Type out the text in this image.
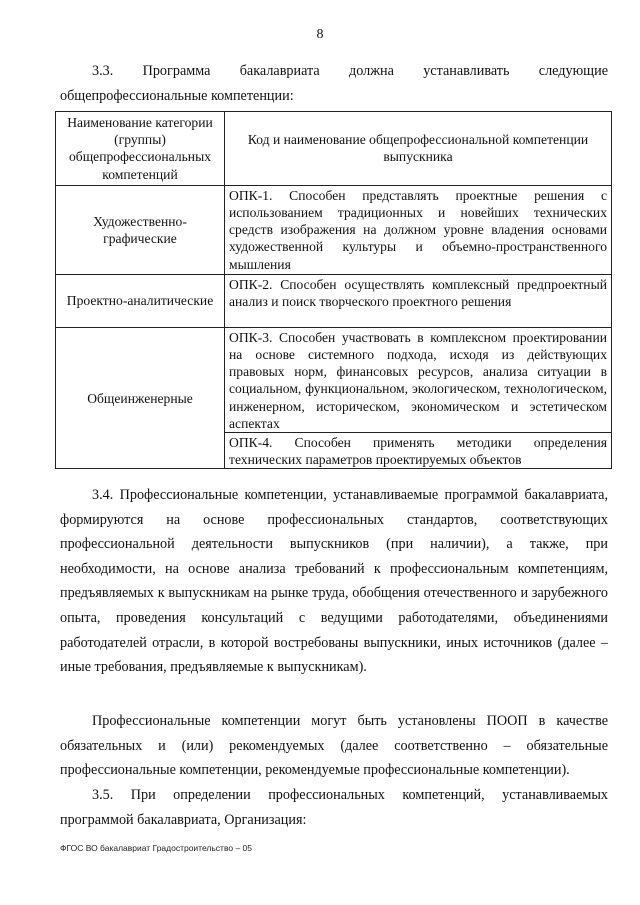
8
3.3. Программа бакалавриата должна устанавливать следующие общепрофессиональные компетенции:
Наименование категории (группы) общепрофессиональных компетенций	Код и наименование общепрофессиональной компетенции выпускника
Художественно-графические	ОПК-1. Способен представлять проектные решения с использованием традиционных и новейших технических средств изображения на должном уровне владения основами художественной культуры и объемно-пространственного мышления
Проектно-аналитические	ОПК-2. Способен осуществлять комплексный предпроектный анализ и поиск творческого проектного решения
Общеинженерные	ОПК-3. Способен участвовать в комплексном проектировании на основе системного подхода, исходя из действующих правовых норм, финансовых ресурсов, анализа ситуации в социальном, функциональном, экологическом, технологическом, инженерном, историческом, экономическом и эстетическом аспектах
	ОПК-4. Способен применять методики определения технических параметров проектируемых объектов
3.4. Профессиональные компетенции, устанавливаемые программой бакалавриата, формируются на основе профессиональных стандартов, соответствующих профессиональной деятельности выпускников (при наличии), а также, при необходимости, на основе анализа требований к профессиональным компетенциям, предъявляемых к выпускникам на рынке труда, обобщения отечественного и зарубежного опыта, проведения консультаций с ведущими работодателями, объединениями работодателей отрасли, в которой востребованы выпускники, иных источников (далее – иные требования, предъявляемые к выпускникам).
Профессиональные компетенции могут быть установлены ПООП в качестве обязательных и (или) рекомендуемых (далее соответственно – обязательные профессиональные компетенции, рекомендуемые профессиональные компетенции).
3.5. При определении профессиональных компетенций, устанавливаемых программой бакалавриата, Организация:
ФГОС ВО бакалавриат Градостроительство – 05
